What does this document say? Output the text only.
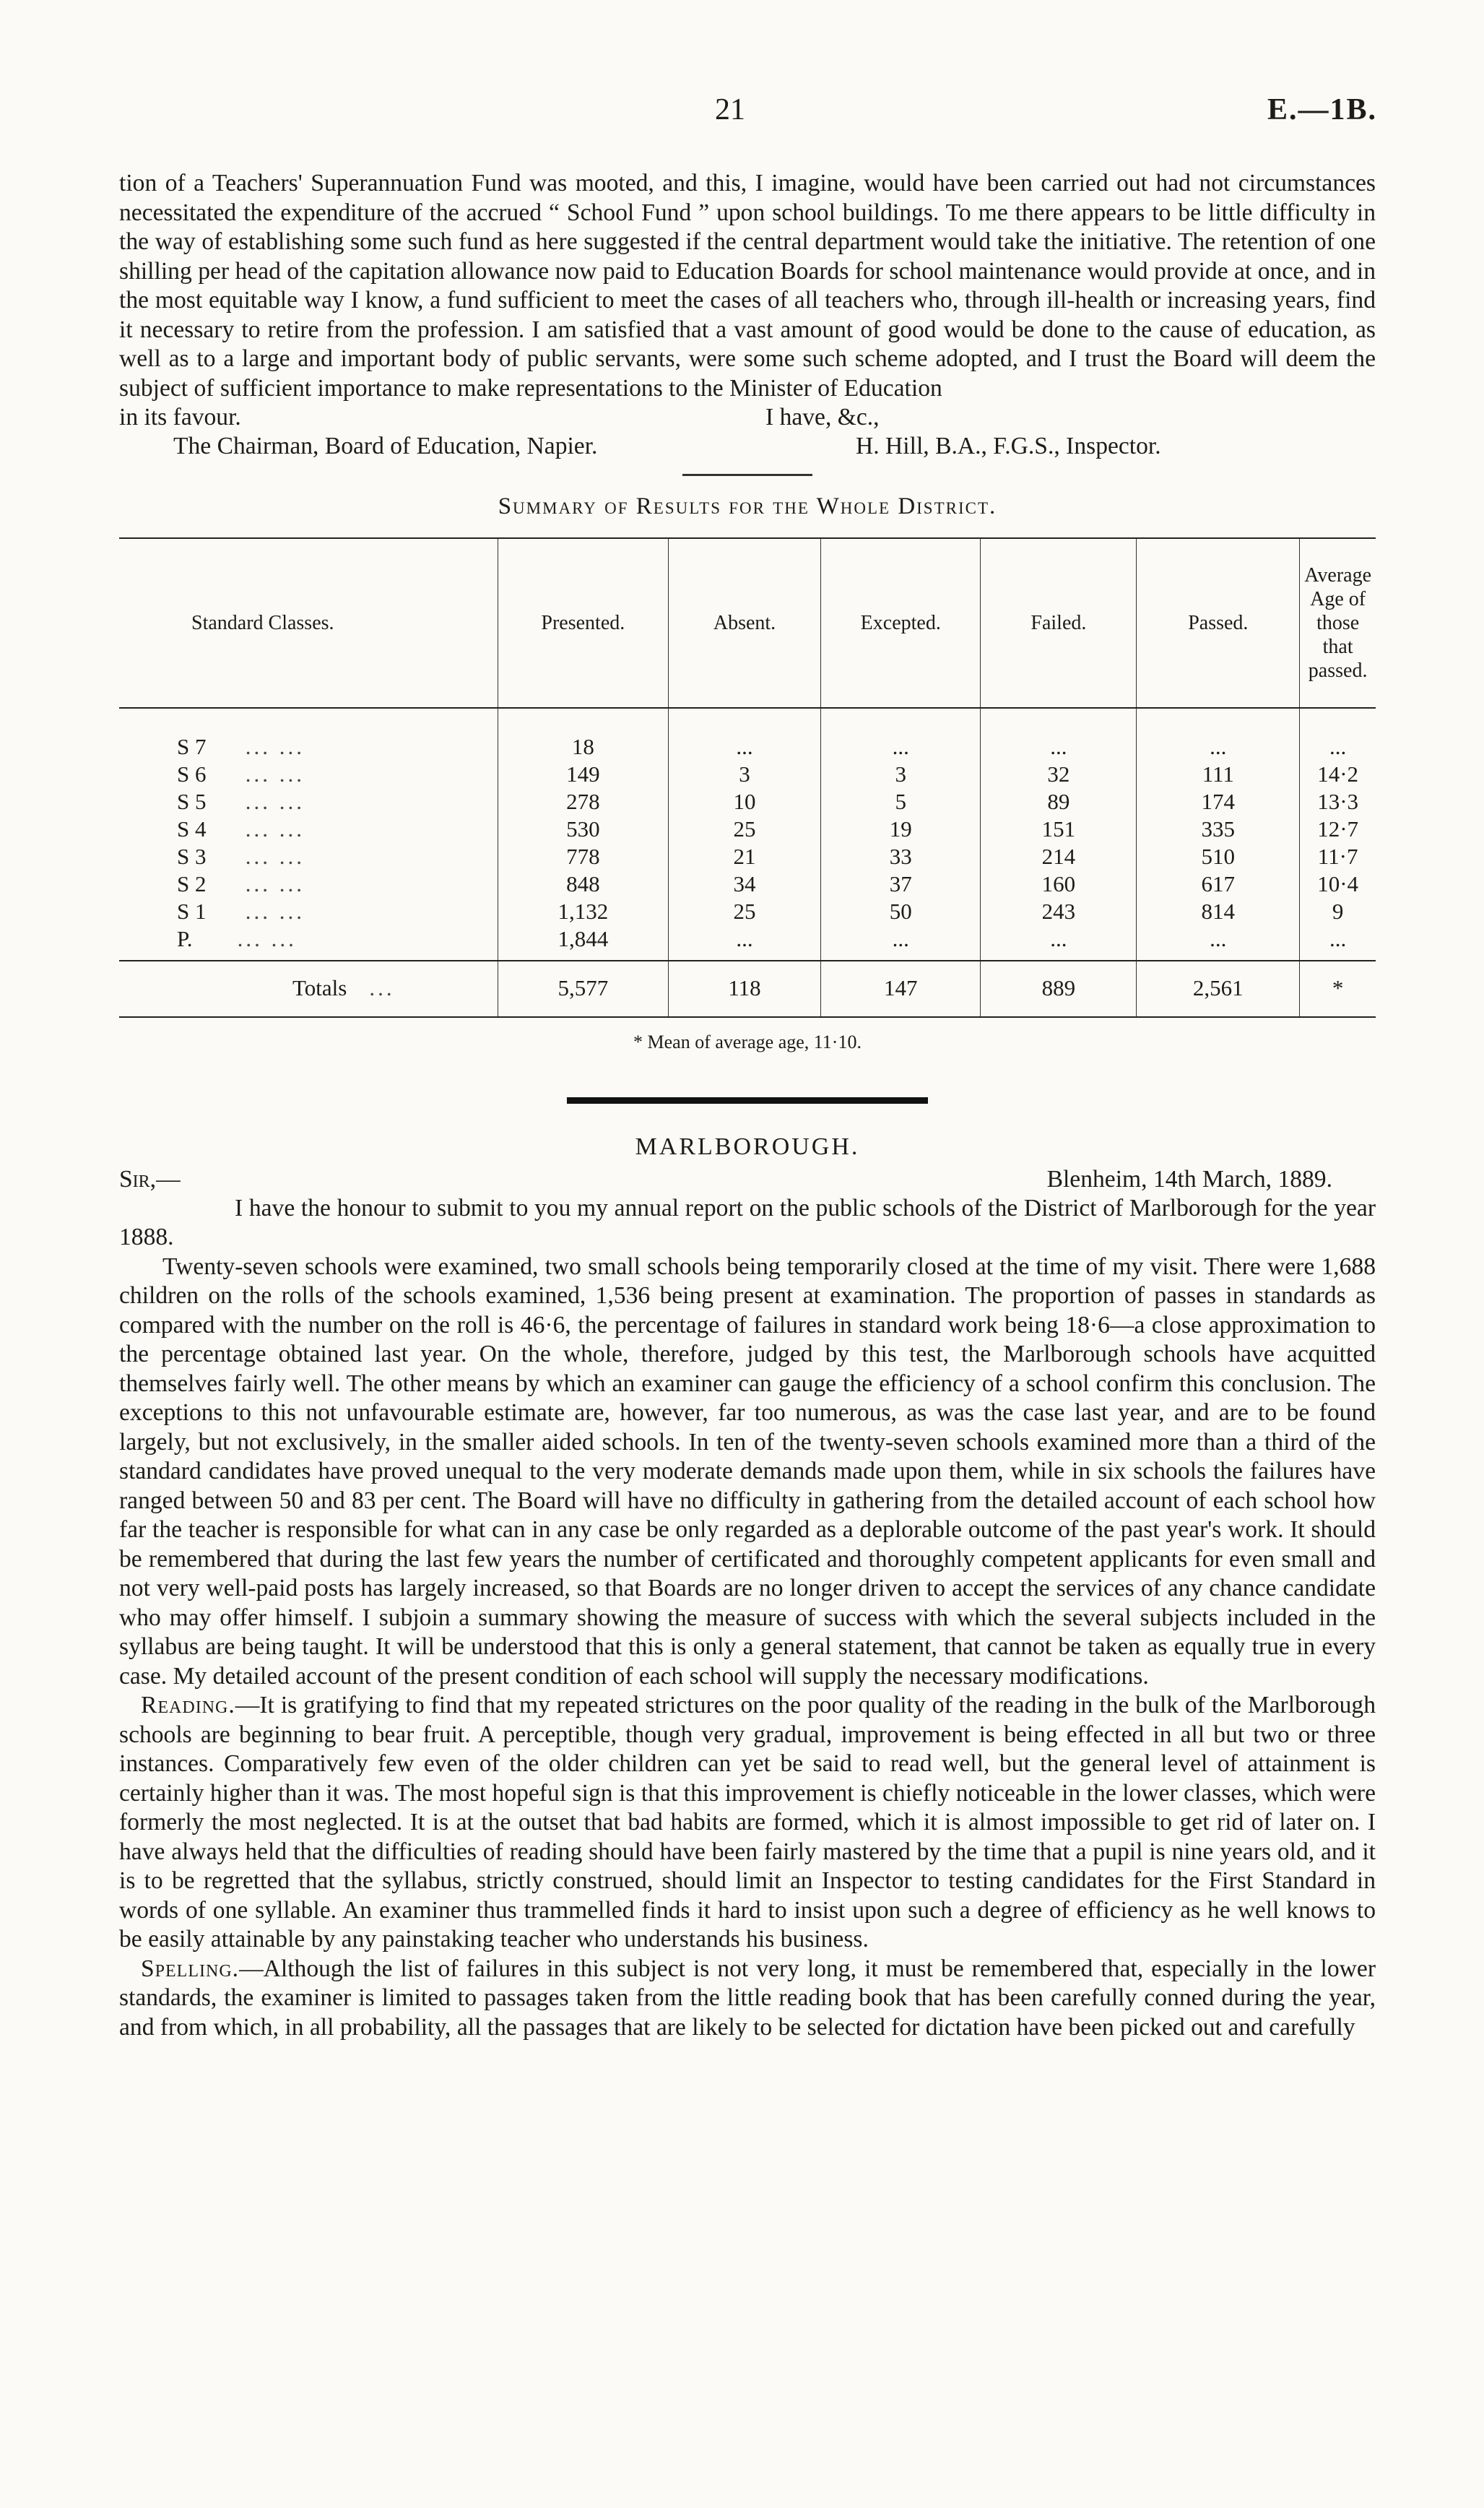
21	E.—1B.

tion of a Teachers' Superannuation Fund was mooted, and this, I imagine, would have been carried out had not circumstances necessitated the expenditure of the accrued “ School Fund ” upon school buildings. To me there appears to be little difficulty in the way of establishing some such fund as here suggested if the central department would take the initiative. The retention of one shilling per head of the capitation allowance now paid to Education Boards for school maintenance would provide at once, and in the most equitable way I know, a fund sufficient to meet the cases of all teachers who, through ill-health or increasing years, find it necessary to retire from the profession. I am satisfied that a vast amount of good would be done to the cause of education, as well as to a large and important body of public servants, were some such scheme adopted, and I trust the Board will deem the subject of sufficient importance to make representations to the Minister of Education

in its favour.	I have, &c.,
The Chairman, Board of Education, Napier.	H. Hill, B.A., F.G.S., Inspector.
Summary of Results for the Whole District.
Standard Classes.	Presented.	Absent.	Excepted.	Failed.	Passed.	Average Age of those that passed.
S 7 ... ...	18	...	...	...	...	...
S 6 ... ...	149	3	3	32	111	14·2
S 5 ... ...	278	10	5	89	174	13·3
S 4 ... ...	530	25	19	151	335	12·7
S 3 ... ...	778	21	33	214	510	11·7
S 2 ... ...	848	34	37	160	617	10·4
S 1 ... ...	1,132	25	50	243	814	9
P. ... ...	1,844	...	...	...	...	...
Totals ...	5,577	118	147	889	2,561	*
* Mean of average age, 11·10.
MARLBOROUGH.
Sir,—	Blenheim, 14th March, 1889.

I have the honour to submit to you my annual report on the public schools of the District of Marlborough for the year 1888.

Twenty-seven schools were examined, two small schools being temporarily closed at the time of my visit. There were 1,688 children on the rolls of the schools examined, 1,536 being present at examination. The proportion of passes in standards as compared with the number on the roll is 46·6, the percentage of failures in standard work being 18·6—a close approximation to the percentage obtained last year. On the whole, therefore, judged by this test, the Marlborough schools have acquitted themselves fairly well. The other means by which an examiner can gauge the efficiency of a school confirm this conclusion. The exceptions to this not unfavourable estimate are, however, far too numerous, as was the case last year, and are to be found largely, but not exclusively, in the smaller aided schools. In ten of the twenty-seven schools examined more than a third of the standard candidates have proved unequal to the very moderate demands made upon them, while in six schools the failures have ranged between 50 and 83 per cent. The Board will have no difficulty in gathering from the detailed account of each school how far the teacher is responsible for what can in any case be only regarded as a deplorable outcome of the past year's work. It should be remembered that during the last few years the number of certificated and thoroughly competent applicants for even small and not very well-paid posts has largely increased, so that Boards are no longer driven to accept the services of any chance candidate who may offer himself. I subjoin a summary showing the measure of success with which the several subjects included in the syllabus are being taught. It will be understood that this is only a general statement, that cannot be taken as equally true in every case. My detailed account of the present condition of each school will supply the necessary modifications.

Reading.—It is gratifying to find that my repeated strictures on the poor quality of the reading in the bulk of the Marlborough schools are beginning to bear fruit. A perceptible, though very gradual, improvement is being effected in all but two or three instances. Comparatively few even of the older children can yet be said to read well, but the general level of attainment is certainly higher than it was. The most hopeful sign is that this improvement is chiefly noticeable in the lower classes, which were formerly the most neglected. It is at the outset that bad habits are formed, which it is almost impossible to get rid of later on. I have always held that the difficulties of reading should have been fairly mastered by the time that a pupil is nine years old, and it is to be regretted that the syllabus, strictly construed, should limit an Inspector to testing candidates for the First Standard in words of one syllable. An examiner thus trammelled finds it hard to insist upon such a degree of efficiency as he well knows to be easily attainable by any painstaking teacher who understands his business.

Spelling.—Although the list of failures in this subject is not very long, it must be remembered that, especially in the lower standards, the examiner is limited to passages taken from the little reading book that has been carefully conned during the year, and from which, in all probability, all the passages that are likely to be selected for dictation have been picked out and carefully
